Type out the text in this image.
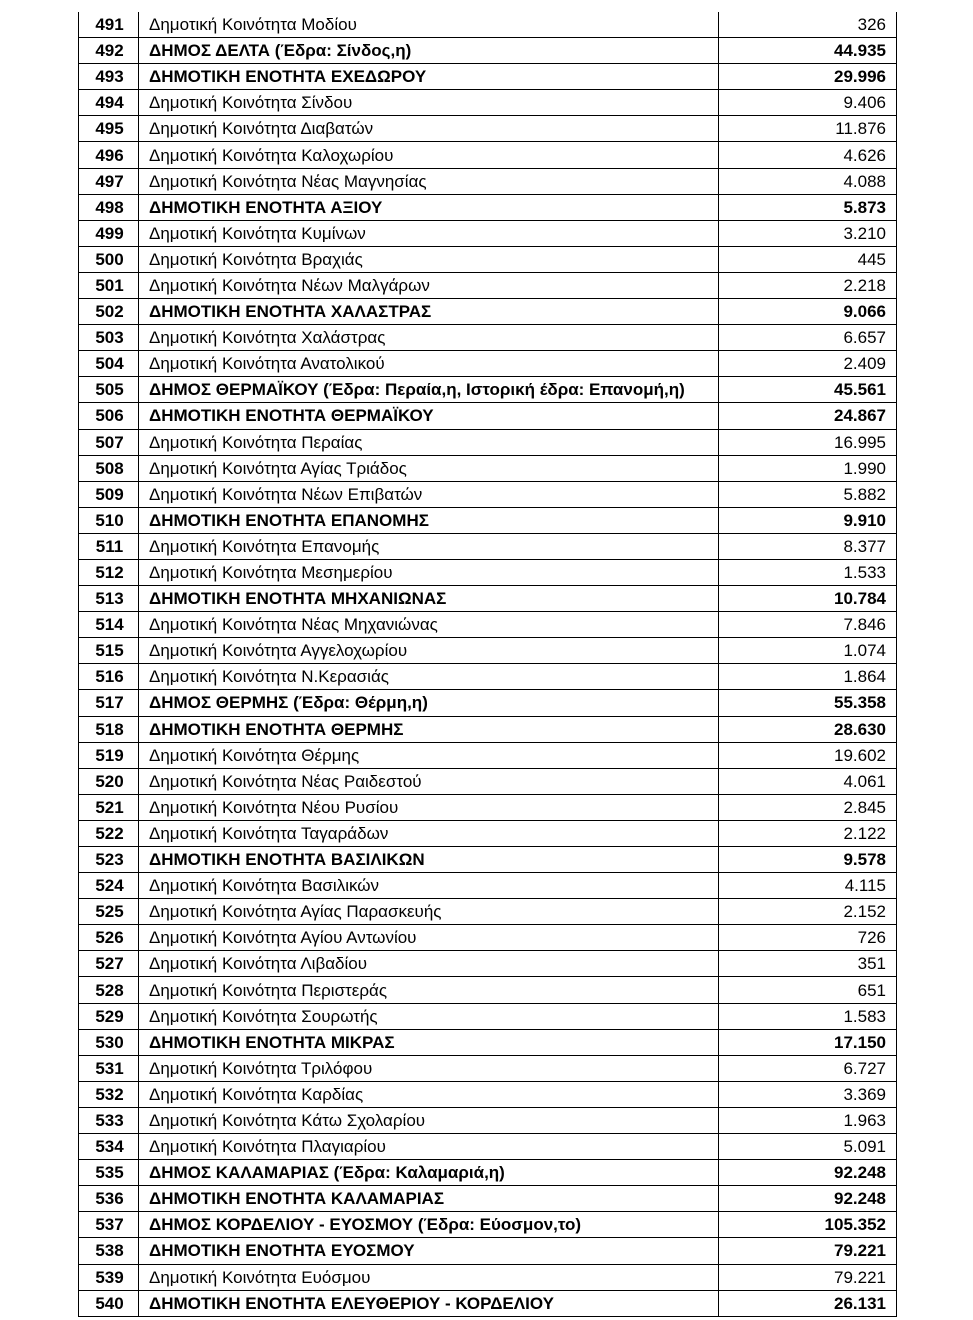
491	Δημοτική Κοινότητα Μοδίου	326
492	ΔΗΜΟΣ ΔΕΛΤΑ (Έδρα: Σίνδος,η)	44.935
493	ΔΗΜΟΤΙΚΗ ΕΝΟΤΗΤΑ ΕΧΕΔΩΡΟΥ	29.996
494	Δημοτική Κοινότητα Σίνδου	9.406
495	Δημοτική Κοινότητα Διαβατών	11.876
496	Δημοτική Κοινότητα Καλοχωρίου	4.626
497	Δημοτική Κοινότητα Νέας Μαγνησίας	4.088
498	ΔΗΜΟΤΙΚΗ ΕΝΟΤΗΤΑ ΑΞΙΟΥ	5.873
499	Δημοτική Κοινότητα Κυμίνων	3.210
500	Δημοτική Κοινότητα Βραχιάς	445
501	Δημοτική Κοινότητα Νέων Μαλγάρων	2.218
502	ΔΗΜΟΤΙΚΗ ΕΝΟΤΗΤΑ ΧΑΛΑΣΤΡΑΣ	9.066
503	Δημοτική Κοινότητα Χαλάστρας	6.657
504	Δημοτική Κοινότητα Ανατολικού	2.409
505	ΔΗΜΟΣ ΘΕΡΜΑΪΚΟΥ (Έδρα: Περαία,η, Ιστορική έδρα: Επανομή,η)	45.561
506	ΔΗΜΟΤΙΚΗ ΕΝΟΤΗΤΑ ΘΕΡΜΑΪΚΟΥ	24.867
507	Δημοτική Κοινότητα Περαίας	16.995
508	Δημοτική Κοινότητα Αγίας Τριάδος	1.990
509	Δημοτική Κοινότητα Νέων Επιβατών	5.882
510	ΔΗΜΟΤΙΚΗ ΕΝΟΤΗΤΑ ΕΠΑΝΟΜΗΣ	9.910
511	Δημοτική Κοινότητα Επανομής	8.377
512	Δημοτική Κοινότητα Μεσημερίου	1.533
513	ΔΗΜΟΤΙΚΗ ΕΝΟΤΗΤΑ ΜΗΧΑΝΙΩΝΑΣ	10.784
514	Δημοτική Κοινότητα Νέας Μηχανιώνας	7.846
515	Δημοτική Κοινότητα Αγγελοχωρίου	1.074
516	Δημοτική Κοινότητα Ν.Κερασιάς	1.864
517	ΔΗΜΟΣ ΘΕΡΜΗΣ (Έδρα: Θέρμη,η)	55.358
518	ΔΗΜΟΤΙΚΗ ΕΝΟΤΗΤΑ ΘΕΡΜΗΣ	28.630
519	Δημοτική Κοινότητα Θέρμης	19.602
520	Δημοτική Κοινότητα Νέας Ραιδεστού	4.061
521	Δημοτική Κοινότητα Νέου Ρυσίου	2.845
522	Δημοτική Κοινότητα Ταγαράδων	2.122
523	ΔΗΜΟΤΙΚΗ ΕΝΟΤΗΤΑ ΒΑΣΙΛΙΚΩΝ	9.578
524	Δημοτική Κοινότητα Βασιλικών	4.115
525	Δημοτική Κοινότητα Αγίας Παρασκευής	2.152
526	Δημοτική Κοινότητα Αγίου Αντωνίου	726
527	Δημοτική Κοινότητα Λιβαδίου	351
528	Δημοτική Κοινότητα Περιστεράς	651
529	Δημοτική Κοινότητα Σουρωτής	1.583
530	ΔΗΜΟΤΙΚΗ ΕΝΟΤΗΤΑ ΜΙΚΡΑΣ	17.150
531	Δημοτική Κοινότητα Τριλόφου	6.727
532	Δημοτική Κοινότητα Καρδίας	3.369
533	Δημοτική Κοινότητα Κάτω Σχολαρίου	1.963
534	Δημοτική Κοινότητα Πλαγιαρίου	5.091
535	ΔΗΜΟΣ ΚΑΛΑΜΑΡΙΑΣ (Έδρα: Καλαμαριά,η)	92.248
536	ΔΗΜΟΤΙΚΗ ΕΝΟΤΗΤΑ ΚΑΛΑΜΑΡΙΑΣ	92.248
537	ΔΗΜΟΣ ΚΟΡΔΕΛΙΟΥ - ΕΥΟΣΜΟΥ (Έδρα: Εύοσμον,το)	105.352
538	ΔΗΜΟΤΙΚΗ ΕΝΟΤΗΤΑ ΕΥΟΣΜΟΥ	79.221
539	Δημοτική Κοινότητα Ευόσμου	79.221
540	ΔΗΜΟΤΙΚΗ ΕΝΟΤΗΤΑ ΕΛΕΥΘΕΡΙΟΥ - ΚΟΡΔΕΛΙΟΥ	26.131
